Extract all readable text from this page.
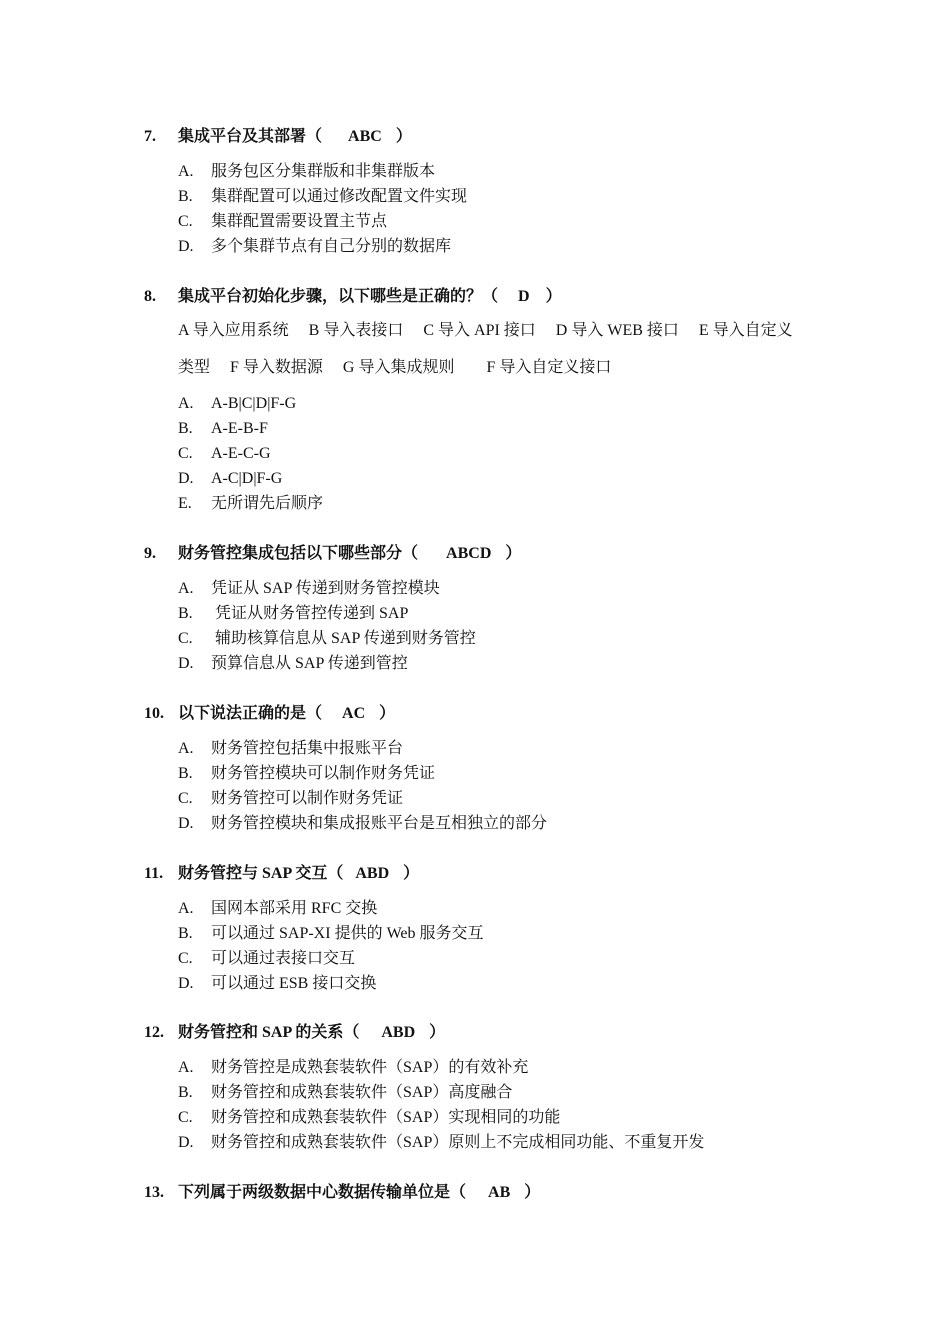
7. 集成平台及其部署（ ABC ）
A. 服务包区分集群版和非集群版本
B. 集群配置可以通过修改配置文件实现
C. 集群配置需要设置主节点
D. 多个集群节点有自己分别的数据库
8. 集成平台初始化步骤，以下哪些是正确的？（ D ）
A 导入应用系统　 B 导入表接口　 C 导入 API 接口　 D 导入 WEB 接口　 E 导入自定义
类型　 F 导入数据源　 G 导入集成规则　　F 导入自定义接口
A. A-B|C|D|F-G
B. A-E-B-F
C. A-E-C-G
D. A-C|D|F-G
E. 无所谓先后顺序
9. 财务管控集成包括以下哪些部分（ ABCD ）
A. 凭证从 SAP 传递到财务管控模块
B. 凭证从财务管控传递到 SAP
C. 辅助核算信息从 SAP 传递到财务管控
D. 预算信息从 SAP 传递到管控
10. 以下说法正确的是（ AC ）
A. 财务管控包括集中报账平台
B. 财务管控模块可以制作财务凭证
C. 财务管控可以制作财务凭证
D. 财务管控模块和集成报账平台是互相独立的部分
11. 财务管控与 SAP 交互（ ABD ）
A. 国网本部采用 RFC 交换
B. 可以通过 SAP-XI 提供的 Web 服务交互
C. 可以通过表接口交互
D. 可以通过 ESB 接口交换
12. 财务管控和 SAP 的关系（ ABD ）
A. 财务管控是成熟套装软件（SAP）的有效补充
B. 财务管控和成熟套装软件（SAP）高度融合
C. 财务管控和成熟套装软件（SAP）实现相同的功能
D. 财务管控和成熟套装软件（SAP）原则上不完成相同功能、不重复开发
13. 下列属于两级数据中心数据传输单位是（ AB ）
